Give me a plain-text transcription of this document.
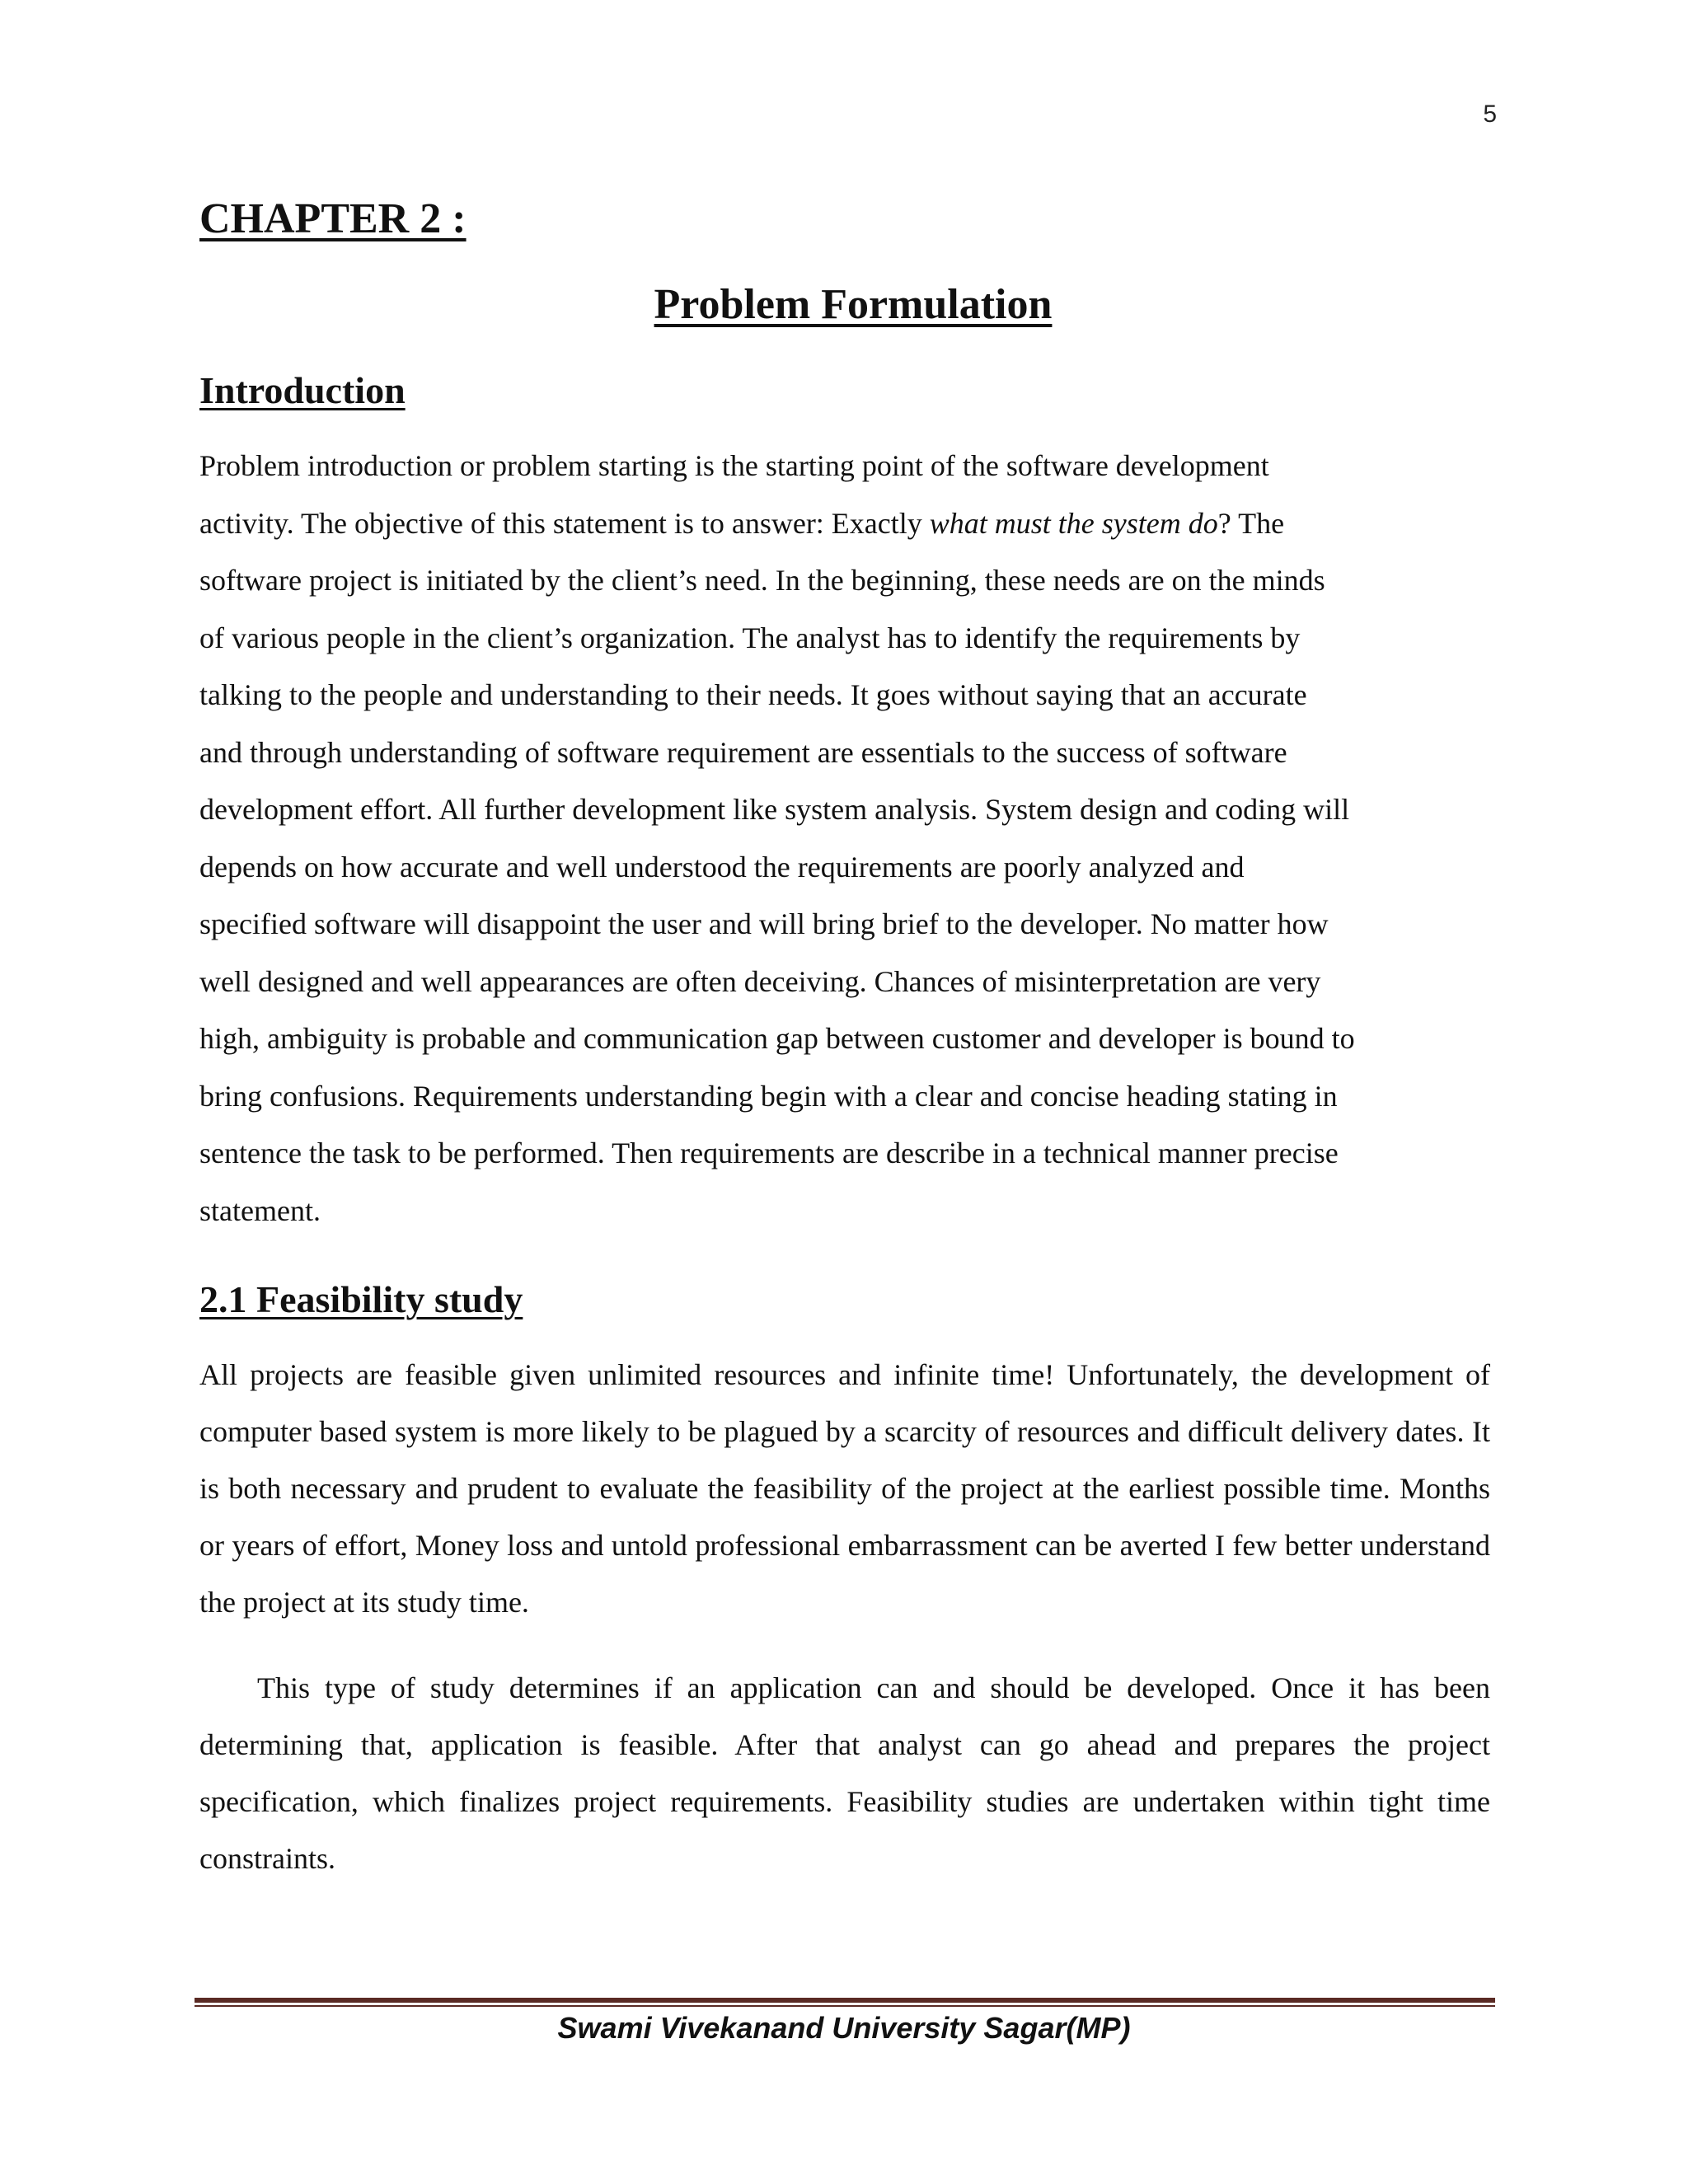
5
CHAPTER 2 :
Problem Formulation
Introduction
Problem introduction or problem starting is the starting point of the software development
activity. The objective of this statement is to answer: Exactly what must the system do? The
software project is initiated by the client’s need. In the beginning, these needs are on the minds
of various people in the client’s organization. The analyst has to identify the requirements by
talking to the people and understanding to their needs. It goes without saying that an accurate
and through understanding of software requirement are essentials to the success of software
development effort. All further development like system analysis. System design and coding will
depends on how accurate and well understood the requirements are poorly analyzed and
specified software will disappoint the user and will bring brief to the developer. No matter how
well designed and well appearances are often deceiving. Chances of misinterpretation are very
high, ambiguity is probable and communication gap between customer and developer is bound to
bring confusions. Requirements understanding begin with a clear and concise heading stating in
sentence the task to be performed. Then requirements are describe in a technical manner precise
statement.
2.1 Feasibility study

All projects are feasible given unlimited resources and infinite time! Unfortunately, the development of computer based system is more likely to be plagued by a scarcity of resources and difficult delivery dates. It is both necessary and prudent to evaluate the feasibility of the project at the earliest possible time. Months or years of effort, Money loss and untold professional embarrassment can be averted I few better understand the project at its study time.

This type of study determines if an application can and should be developed. Once it has been determining that, application is feasible. After that analyst can go ahead and prepares the project specification, which finalizes project requirements. Feasibility studies are undertaken within tight time constraints.

Swami Vivekanand University Sagar(MP)
